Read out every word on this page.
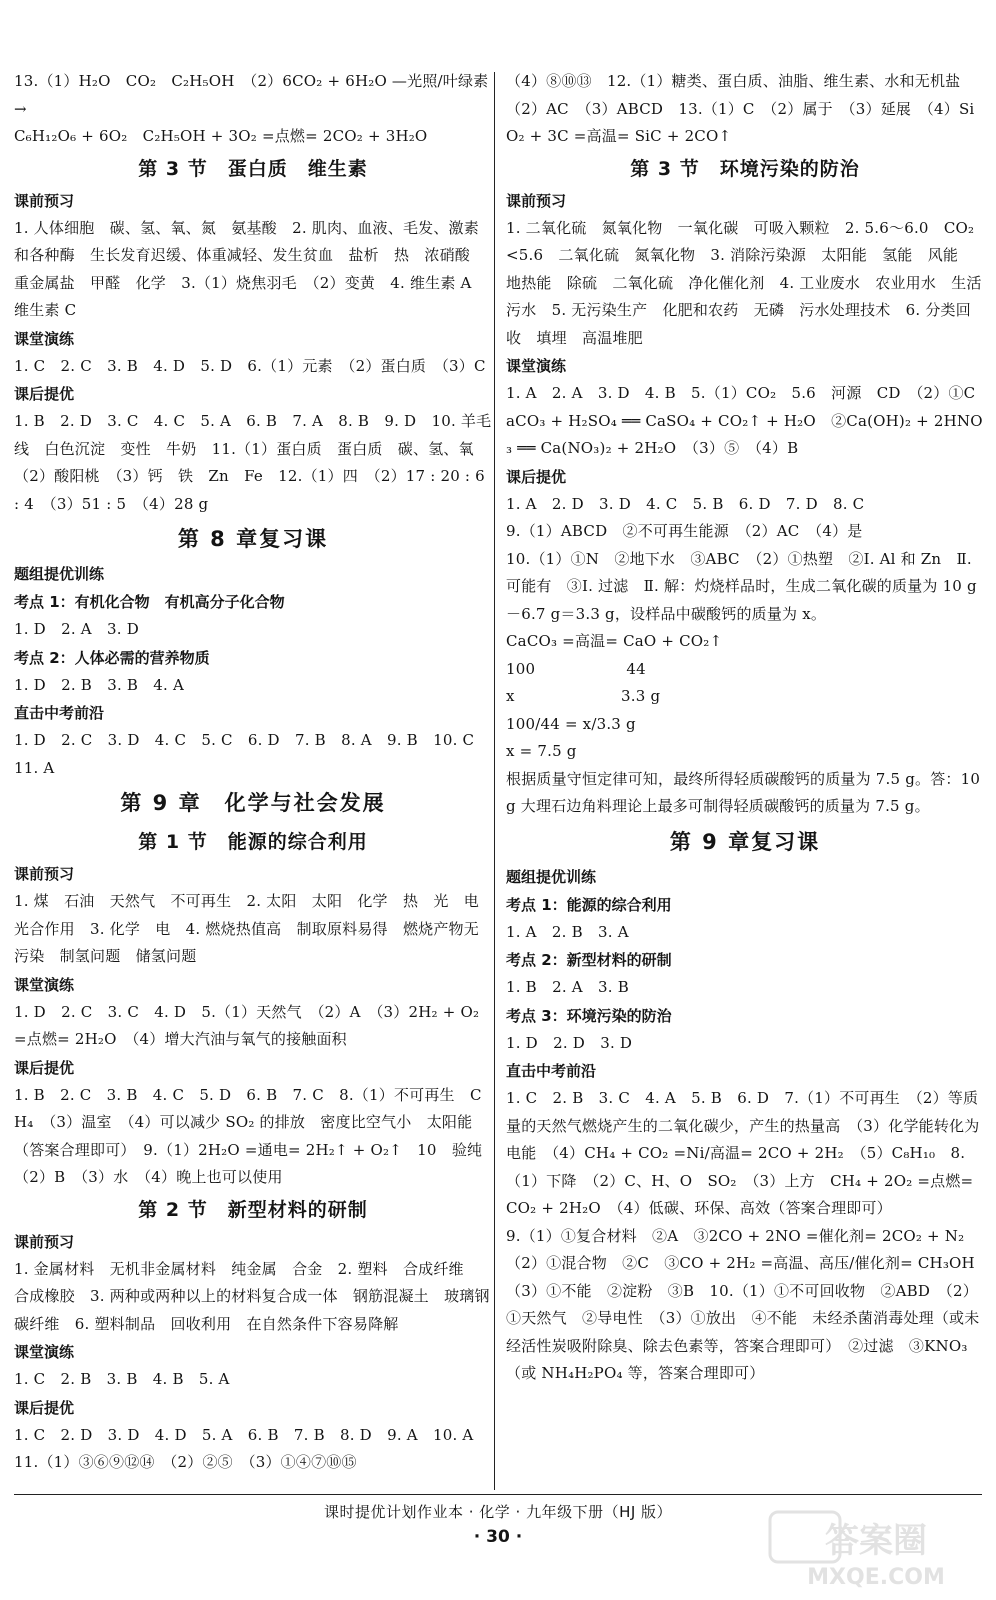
13.（1）H₂O　CO₂　C₂H₅OH　（2）6CO₂ + 6H₂O —光照/叶绿素→
C₆H₁₂O₆ + 6O₂　C₂H₅OH + 3O₂ =点燃= 2CO₂ + 3H₂O
第 3 节　蛋白质　维生素
课前预习
1. 人体细胞　碳、氢、氧、氮　氨基酸　2. 肌肉、血液、毛发、激素和各种酶　生长发育迟缓、体重减轻、发生贫血　盐析　热　浓硝酸　重金属盐　甲醛　化学　3.（1）烧焦羽毛　（2）变黄　4. 维生素 A　维生素 C
课堂演练
1. C　2. C　3. B　4. D　5. D　6.（1）元素　（2）蛋白质　（3）C
课后提优
1. B　2. D　3. C　4. C　5. A　6. B　7. A　8. B　9. D　10. 羊毛线　白色沉淀　变性　牛奶　11.（1）蛋白质　蛋白质　碳、氢、氧　（2）酸阳桃　（3）钙　铁　Zn　Fe　12.（1）四　（2）17 : 20 : 6 : 4　（3）51 : 5　（4）28 g
第 8 章复习课
题组提优训练
考点 1：有机化合物　有机高分子化合物
1. D　2. A　3. D
考点 2：人体必需的营养物质
1. D　2. B　3. B　4. A
直击中考前沿
1. D　2. C　3. D　4. C　5. C　6. D　7. B　8. A　9. B　10. C　11. A
第 9 章　化学与社会发展
第 1 节　能源的综合利用
课前预习
1. 煤　石油　天然气　不可再生　2. 太阳　太阳　化学　热　光　电　光合作用　3. 化学　电　4. 燃烧热值高　制取原料易得　燃烧产物无污染　制氢问题　储氢问题
课堂演练
1. D　2. C　3. C　4. D　5.（1）天然气　（2）A　（3）2H₂ + O₂ =点燃= 2H₂O　（4）增大汽油与氧气的接触面积
课后提优
1. B　2. C　3. B　4. C　5. D　6. B　7. C　8.（1）不可再生　CH₄　（3）温室　（4）可以减少 SO₂ 的排放　密度比空气小　太阳能（答案合理即可）　9.（1）2H₂O =通电= 2H₂↑ + O₂↑　10　验纯　（2）B　（3）水　（4）晚上也可以使用
第 2 节　新型材料的研制
课前预习
1. 金属材料　无机非金属材料　纯金属　合金　2. 塑料　合成纤维　合成橡胶　3. 两种或两种以上的材料复合成一体　钢筋混凝土　玻璃钢　碳纤维　6. 塑料制品　回收利用　在自然条件下容易降解
课堂演练
1. C　2. B　3. B　4. B　5. A
课后提优
1. C　2. D　3. D　4. D　5. A　6. B　7. B　8. D　9. A　10. A　11.（1）③⑥⑨⑫⑭　（2）②⑤　（3）①④⑦⑩⑮
（4）⑧⑩⑬　12.（1）糖类、蛋白质、油脂、维生素、水和无机盐　（2）AC　（3）ABCD　13.（1）C　（2）属于　（3）延展　（4）SiO₂ + 3C =高温= SiC + 2CO↑
第 3 节　环境污染的防治
课前预习
1. 二氧化硫　氮氧化物　一氧化碳　可吸入颗粒　2. 5.6～6.0　CO₂　<5.6　二氧化硫　氮氧化物　3. 消除污染源　太阳能　氢能　风能　地热能　除硫　二氧化硫　净化催化剂　4. 工业废水　农业用水　生活污水　5. 无污染生产　化肥和农药　无磷　污水处理技术　6. 分类回收　填埋　高温堆肥
课堂演练
1. A　2. A　3. D　4. B　5.（1）CO₂　5.6　河源　CD　（2）①CaCO₃ + H₂SO₄ ══ CaSO₄ + CO₂↑ + H₂O　②Ca(OH)₂ + 2HNO₃ ══ Ca(NO₃)₂ + 2H₂O　（3）⑤　（4）B
课后提优
1. A　2. D　3. D　4. C　5. B　6. D　7. D　8. C
9.（1）ABCD　②不可再生能源　（2）AC　（4）是
10.（1）①N　②地下水　③ABC　（2）①热塑　②Ⅰ. Al 和 Zn　Ⅱ. 可能有　③Ⅰ. 过滤　Ⅱ. 解：灼烧样品时，生成二氧化碳的质量为 10 g－6.7 g＝3.3 g，设样品中碳酸钙的质量为 x。
CaCO₃ =高温= CaO + CO₂↑
100　　　　　　44
x　　　　　　　3.3 g
100/44 = x/3.3 g
x = 7.5 g
根据质量守恒定律可知，最终所得轻质碳酸钙的质量为 7.5 g。答：10 g 大理石边角料理论上最多可制得轻质碳酸钙的质量为 7.5 g。
第 9 章复习课
题组提优训练
考点 1：能源的综合利用
1. A　2. B　3. A
考点 2：新型材料的研制
1. B　2. A　3. B
考点 3：环境污染的防治
1. D　2. D　3. D
直击中考前沿
1. C　2. B　3. C　4. A　5. B　6. D　7.（1）不可再生　（2）等质量的天然气燃烧产生的二氧化碳少，产生的热量高　（3）化学能转化为电能　（4）CH₄ + CO₂ =Ni/高温= 2CO + 2H₂　（5）C₈H₁₀　8.（1）下降　（2）C、H、O　SO₂　（3）上方　CH₄ + 2O₂ =点燃= CO₂ + 2H₂O　（4）低碳、环保、高效（答案合理即可）
9.（1）①复合材料　②A　③2CO + 2NO =催化剂= 2CO₂ + N₂　（2）①混合物　②C　③CO + 2H₂ =高温、高压/催化剂= CH₃OH　（3）①不能　②淀粉　③B　10.（1）①不可回收物　②ABD　（2）①天然气　②导电性　（3）①放出　④不能　未经杀菌消毒处理（或未经活性炭吸附除臭、除去色素等，答案合理即可）　②过滤　③KNO₃（或 NH₄H₂PO₄ 等，答案合理即可）
课时提优计划作业本 · 化学 · 九年级下册（HJ 版）
· 30 ·	答案圈
MXQE.COM
